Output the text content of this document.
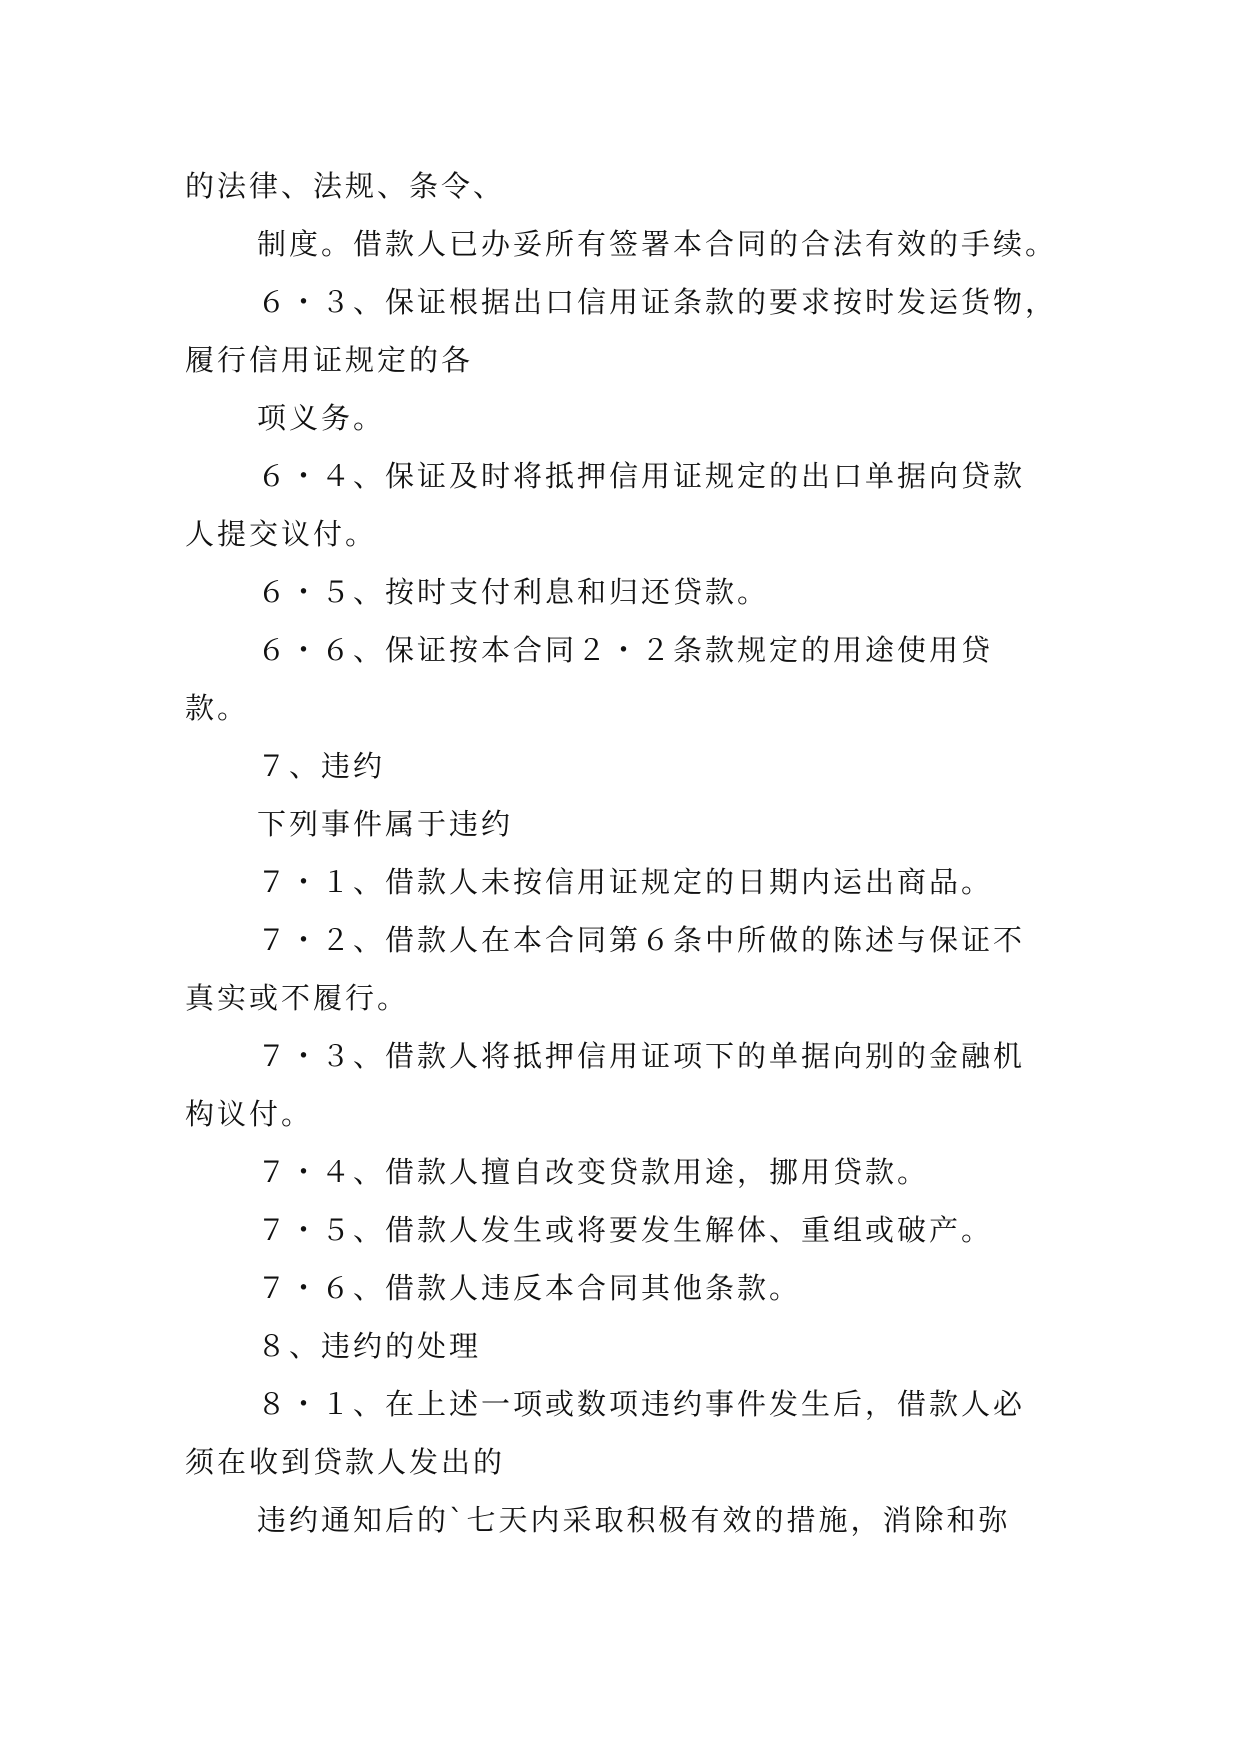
的法律、法规、条令、
制度。借款人已办妥所有签署本合同的合法有效的手续。
６・３、保证根据出口信用证条款的要求按时发运货物，
履行信用证规定的各
项义务。
６・４、保证及时将抵押信用证规定的出口单据向贷款
人提交议付。
６・５、按时支付利息和归还贷款。
６・６、保证按本合同２・２条款规定的用途使用贷
款。
７、违约
下列事件属于违约
７・１、借款人未按信用证规定的日期内运出商品。
７・２、借款人在本合同第６条中所做的陈述与保证不
真实或不履行。
７・３、借款人将抵押信用证项下的单据向别的金融机
构议付。
７・４、借款人擅自改变贷款用途，挪用贷款。
７・５、借款人发生或将要发生解体、重组或破产。
７・６、借款人违反本合同其他条款。
８、违约的处理
８・１、在上述一项或数项违约事件发生后，借款人必
须在收到贷款人发出的
违约通知后的`七天内采取积极有效的措施，消除和弥
